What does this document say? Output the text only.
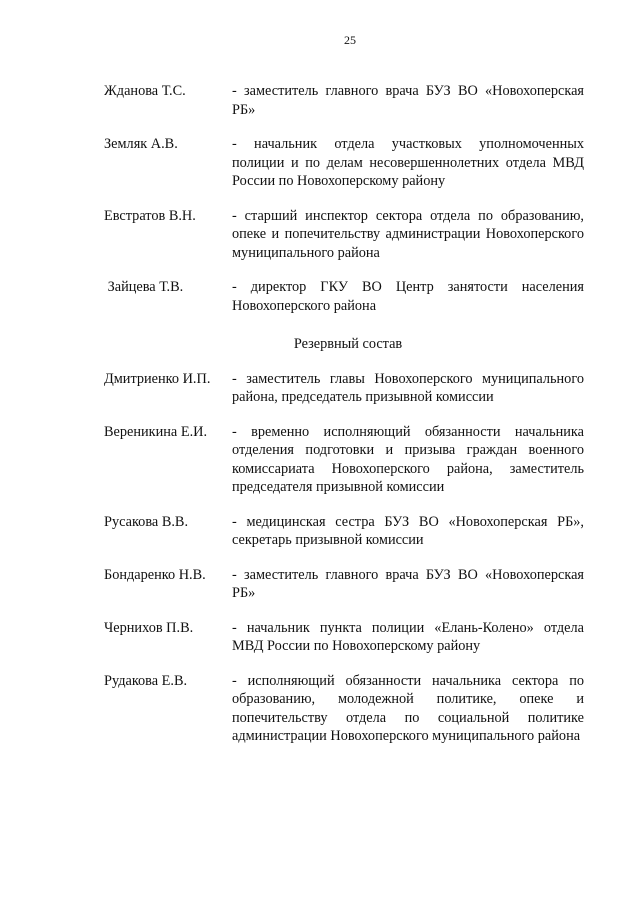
25
Жданова Т.С.	- заместитель главного врача БУЗ ВО «Новохоперская РБ»
Земляк А.В.	- начальник отдела участковых уполномоченных полиции и по делам несовершеннолетних отдела МВД России по Новохоперскому району
Евстратов В.Н.	- старший инспектор сектора отдела по образованию, опеке и попечительству администрации Новохоперского муниципального района
Зайцева Т.В.	- директор ГКУ ВО Центр занятости населения Новохоперского района
Резервный состав
Дмитриенко И.П.	- заместитель главы Новохоперского муниципального района, председатель призывной комиссии
Вереникина Е.И.	- временно исполняющий обязанности начальника отделения подготовки и призыва граждан военного комиссариата Новохоперского района, заместитель председателя призывной комиссии
Русакова В.В.	- медицинская сестра БУЗ ВО «Новохоперская РБ», секретарь призывной комиссии
Бондаренко Н.В.	- заместитель главного врача БУЗ ВО «Новохоперская РБ»
Чернихов П.В.	- начальник пункта полиции «Елань-Колено» отдела МВД России по Новохоперскому району
Рудакова Е.В.	- исполняющий обязанности начальника сектора по образованию, молодежной политике, опеке и попечительству отдела по социальной политике администрации Новохоперского муниципального района
